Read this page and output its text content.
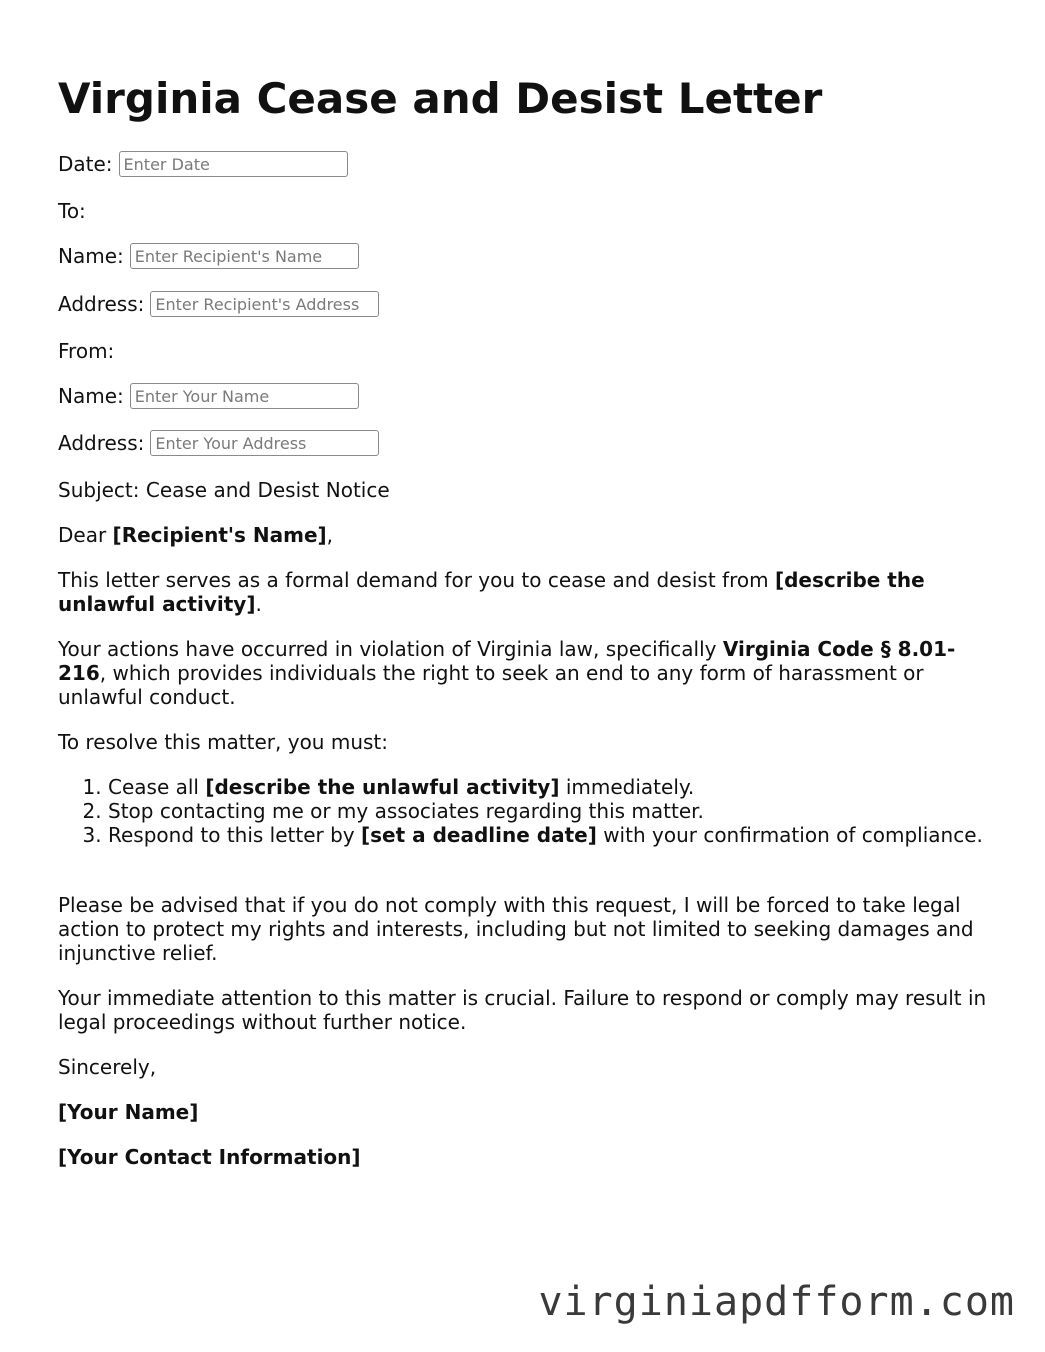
Virginia Cease and Desist Letter
Date:
Enter Date
To:
Name:
Enter Recipient's Name
Address:
Enter Recipient's Address
From:
Name:
Enter Your Name
Address:
Enter Your Address

Subject: Cease and Desist Notice

Dear [Recipient's Name],

This letter serves as a formal demand for you to cease and desist from [describe the unlawful activity].

Your actions have occurred in violation of Virginia law, specifically Virginia Code § 8.01-216, which provides individuals the right to seek an end to any form of harassment or unlawful conduct.

To resolve this matter, you must:

1. Cease all [describe the unlawful activity] immediately.
2. Stop contacting me or my associates regarding this matter.
3. Respond to this letter by [set a deadline date] with your confirmation of compliance.

Please be advised that if you do not comply with this request, I will be forced to take legal action to protect my rights and interests, including but not limited to seeking damages and injunctive relief.

Your immediate attention to this matter is crucial. Failure to respond or comply may result in legal proceedings without further notice.

Sincerely,

[Your Name]

[Your Contact Information]

virginiapdfform.com
